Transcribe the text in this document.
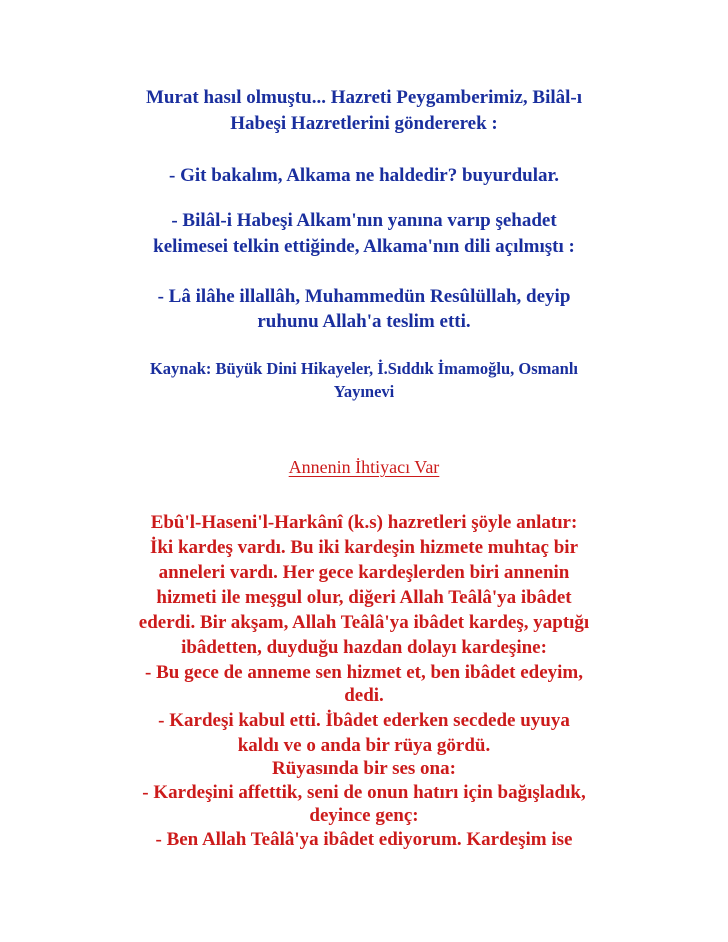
Murat hasıl olmuştu... Hazreti Peygamberimiz, Bilâl-ı
Habeşi Hazretlerini göndererek :
- Git bakalım, Alkama ne haldedir? buyurdular.
- Bilâl-i Habeşi Alkam'nın yanına varıp şehadet
kelimesei telkin ettiğinde, Alkama'nın dili açılmıştı :
- Lâ ilâhe illallâh, Muhammedün Resûlüllah, deyip
ruhunu Allah'a teslim etti.
Kaynak: Büyük Dini Hikayeler, İ.Sıddık İmamoğlu, Osmanlı
Yayınevi
Annenin İhtiyacı Var
Ebû'l-Haseni'l-Harkânî (k.s) hazretleri şöyle anlatır:
İki kardeş vardı. Bu iki kardeşin hizmete muhtaç bir
anneleri vardı. Her gece kardeşlerden biri annenin
hizmeti ile meşgul olur, diğeri Allah Teâlâ'ya ibâdet
ederdi. Bir akşam, Allah Teâlâ'ya ibâdet kardeş, yaptığı
ibâdetten, duyduğu hazdan dolayı kardeşine:
- Bu gece de anneme sen hizmet et, ben ibâdet edeyim,
dedi.
- Kardeşi kabul etti. İbâdet ederken secdede uyuya
kaldı ve o anda bir rüya gördü.
Rüyasında bir ses ona:
- Kardeşini affettik, seni de onun hatırı için bağışladık,
deyince genç:
- Ben Allah Teâlâ'ya ibâdet ediyorum. Kardeşim ise
